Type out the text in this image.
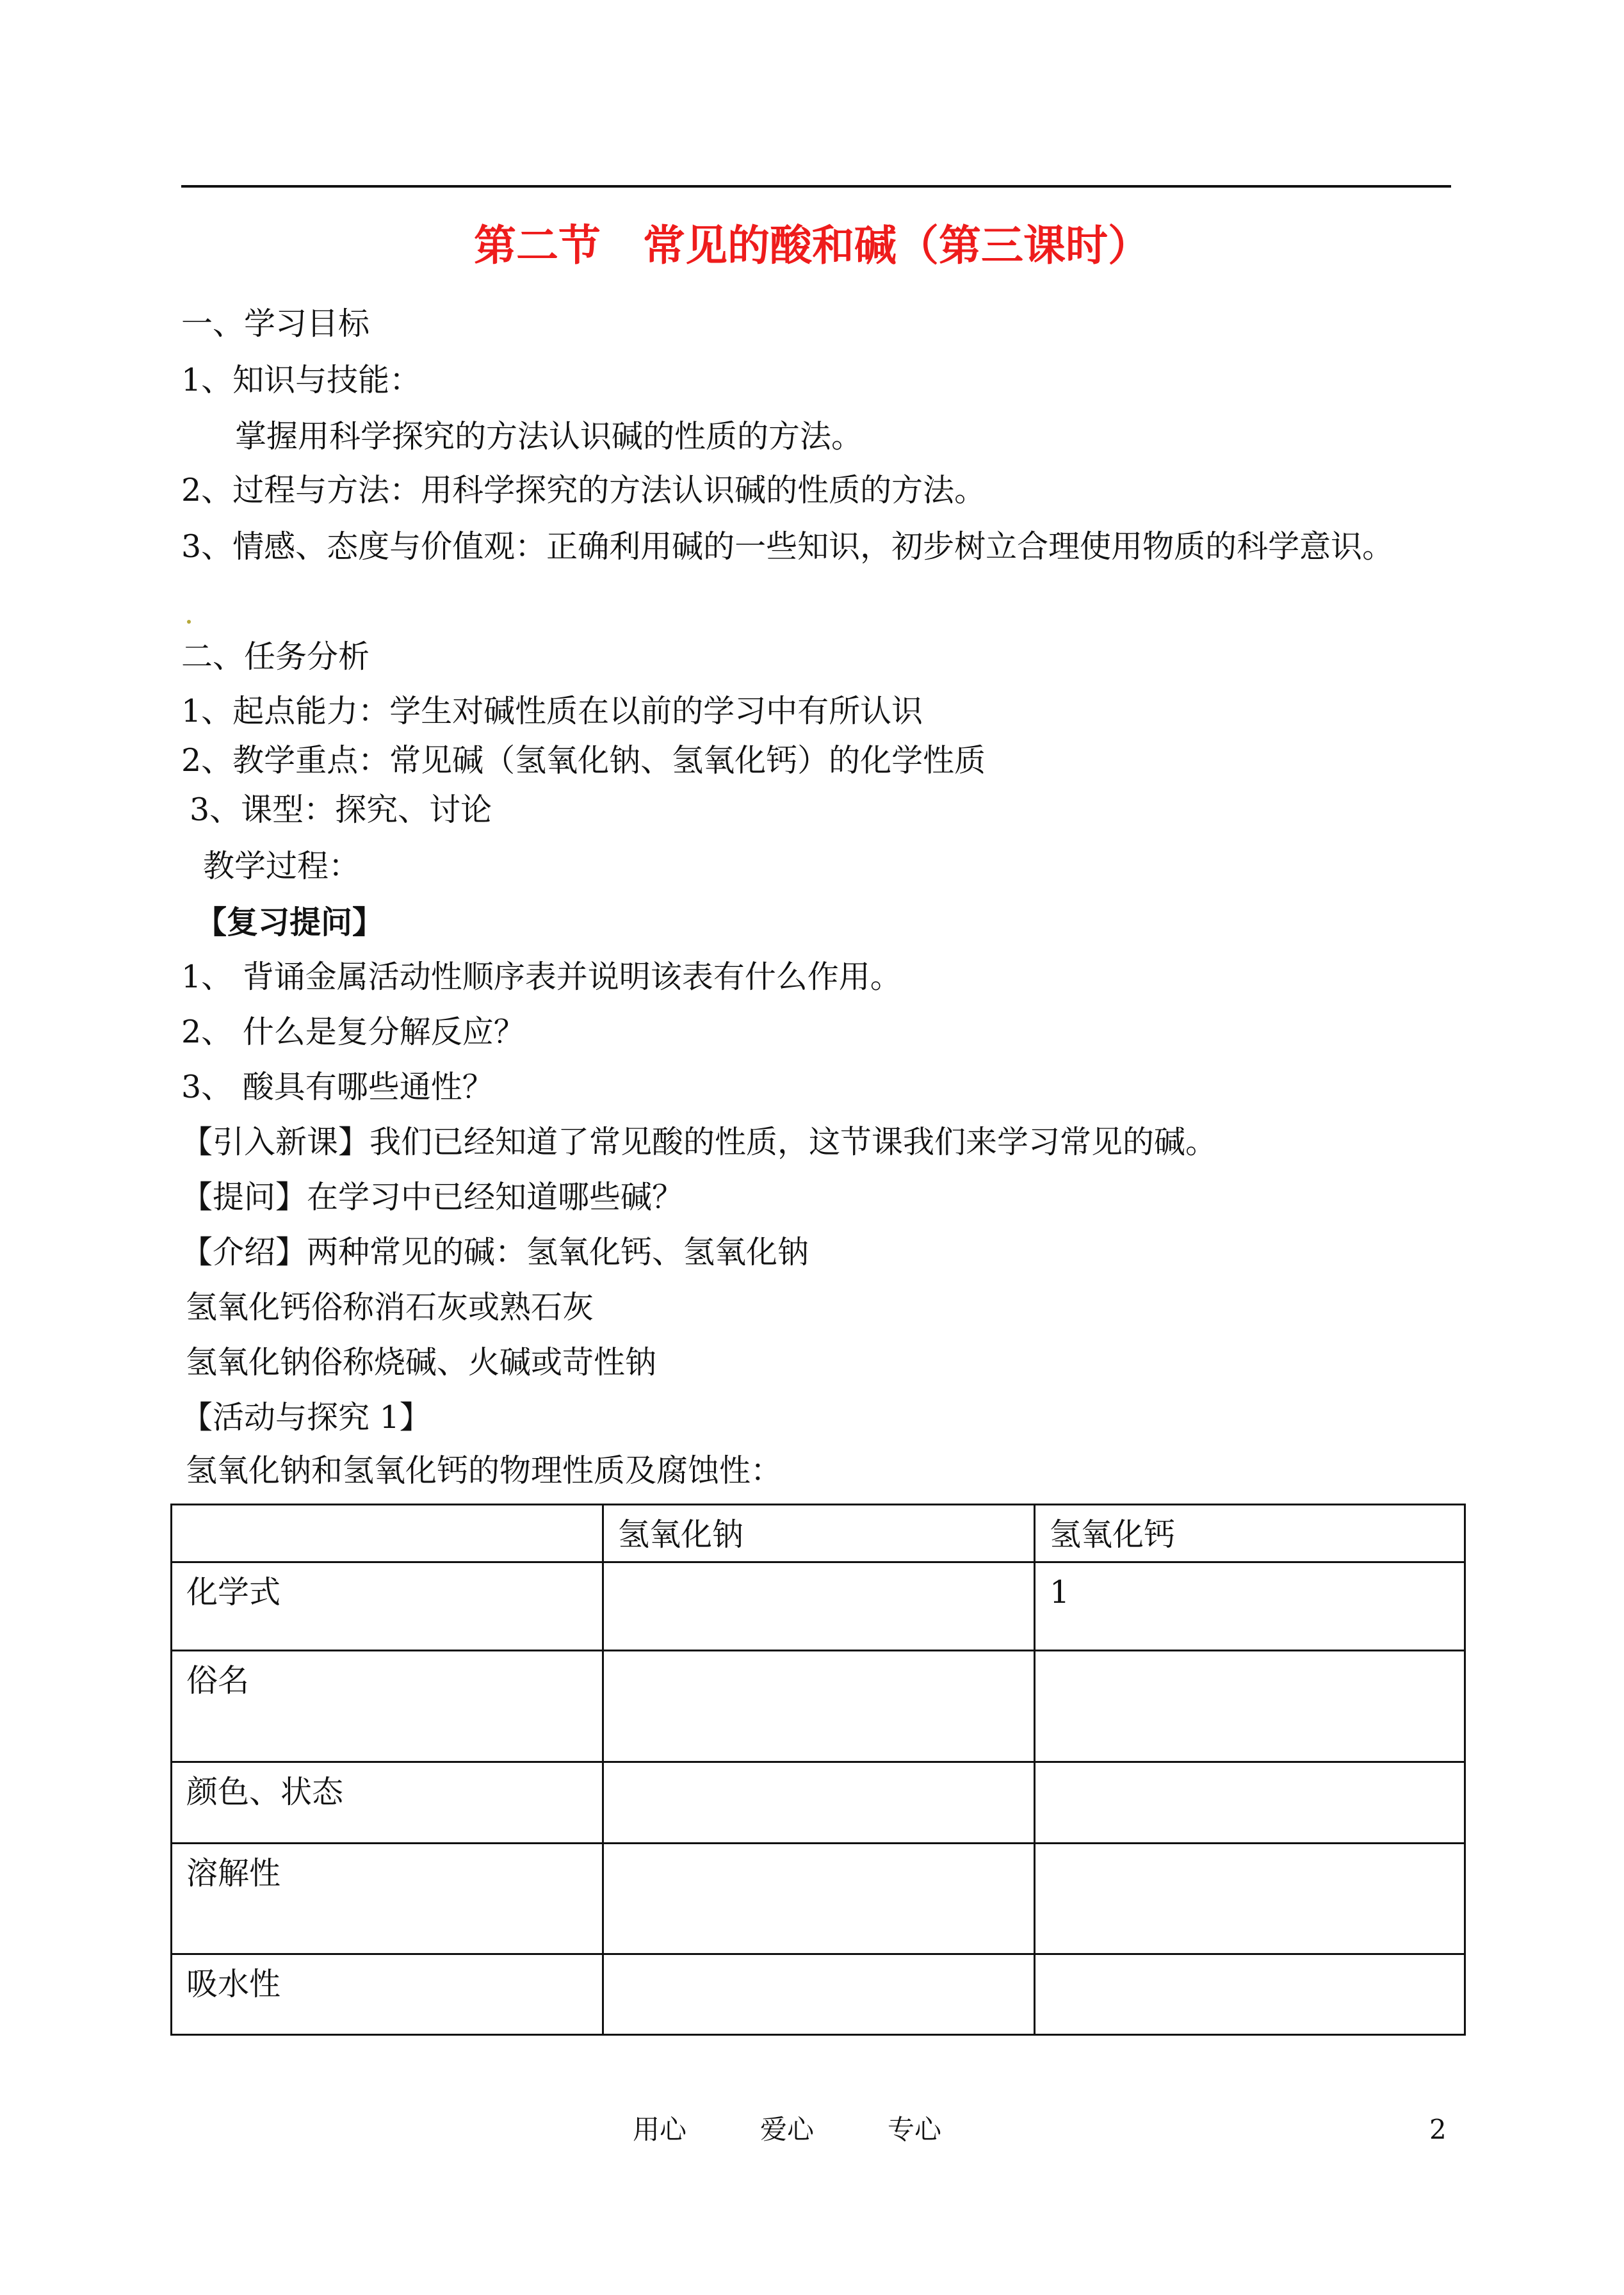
第二节　常见的酸和碱（第三课时）
一、学习目标
1、知识与技能：
掌握用科学探究的方法认识碱的性质的方法。
2、过程与方法：用科学探究的方法认识碱的性质的方法。
3、情感、态度与价值观：正确利用碱的一些知识，初步树立合理使用物质的科学意识。
二、任务分析
1、起点能力：学生对碱性质在以前的学习中有所认识
2、教学重点：常见碱（氢氧化钠、氢氧化钙）的化学性质
3、课型：探究、讨论
教学过程：
【复习提问】
1、 背诵金属活动性顺序表并说明该表有什么作用。
2、 什么是复分解反应？
3、 酸具有哪些通性？
【引入新课】我们已经知道了常见酸的性质，这节课我们来学习常见的碱。
【提问】在学习中已经知道哪些碱？
【介绍】两种常见的碱：氢氧化钙、氢氧化钠
氢氧化钙俗称消石灰或熟石灰
氢氧化钠俗称烧碱、火碱或苛性钠
【活动与探究 1】
氢氧化钠和氢氧化钙的物理性质及腐蚀性：
	氢氧化钠	氢氧化钙
化学式		1
俗名		
颜色、状态		
溶解性		
吸水性		
用心	爱心	专心	2
